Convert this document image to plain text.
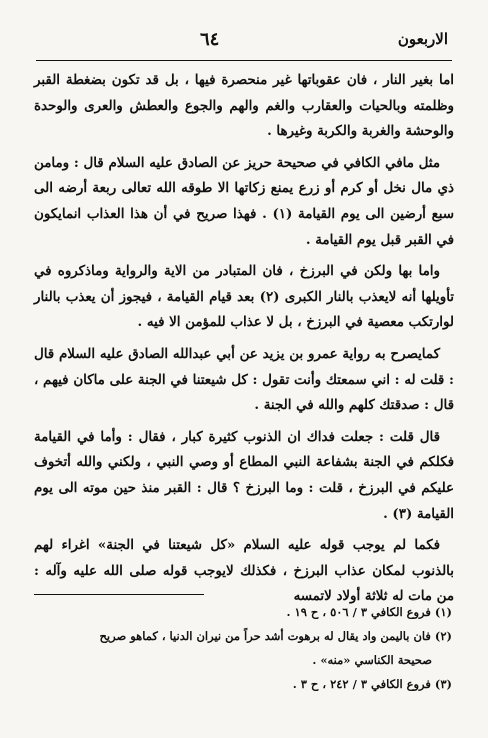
الاربعون
٦٤

اما بغير النار ، فان عقوباتها غير منحصرة فيها ، بل قد تكون بضغطة القبر وظلمته وبالحيات والعقارب والغم والهم والجوع والعطش والعرى والوحدة والوحشة والغربة والكربة وغيرها .

مثل مافي الكافي في صحيحة حريز عن الصادق عليه السلام قال : ومامن ذي مال نخل أو كرم أو زرع يمنع زكاتها الا طوقه الله تعالى ربعة أرضه الى سبع أرضين الى يوم القيامة (١) . فهذا صريح في أن هذا العذاب انمايكون في القبر قبل يوم القيامة .

واما بها ولكن في البرزخ ، فان المتبادر من الاية والرواية وماذكروه في تأويلها أنه لايعذب بالنار الكبرى (٢) بعد قيام القيامة ، فيجوز أن يعذب بالنار لوارتكب معصية في البرزخ ، بل لا عذاب للمؤمن الا فيه .

كمايصرح به رواية عمرو بن يزيد عن أبي عبدالله الصادق عليه السلام قال : قلت له : اني سمعتك وأنت تقول : كل شيعتنا في الجنة على ماكان فيهم ، قال : صدقتك كلهم والله في الجنة .

قال قلت : جعلت فداك ان الذنوب كثيرة كبار ، فقال : وأما في القيامة فكلكم في الجنة بشفاعة النبي المطاع أو وصي النبي ، ولكني والله أتخوف عليكم في البرزخ ، قلت : وما البرزخ ؟ قال : القبر منذ حين موته الى يوم القيامة (٣) .

فكما لم يوجب قوله عليه السلام «كل شيعتنا في الجنة» اغراء لهم بالذنوب لمكان عذاب البرزخ ، فكذلك لايوجب قوله صلى الله عليه وآله : من مات له ثلاثة أولاد لاتمسه

(١) فروع الكافي ٣ / ٥٠٦ ، ح ١٩ .
(٢) فان باليمن واد يقال له برهوت أشد حراً من نيران الدنيا ، كماهو صريح
صحيحة الكناسي «منه» .
(٣) فروع الكافي ٣ / ٢٤٢ ، ح ٣ .
